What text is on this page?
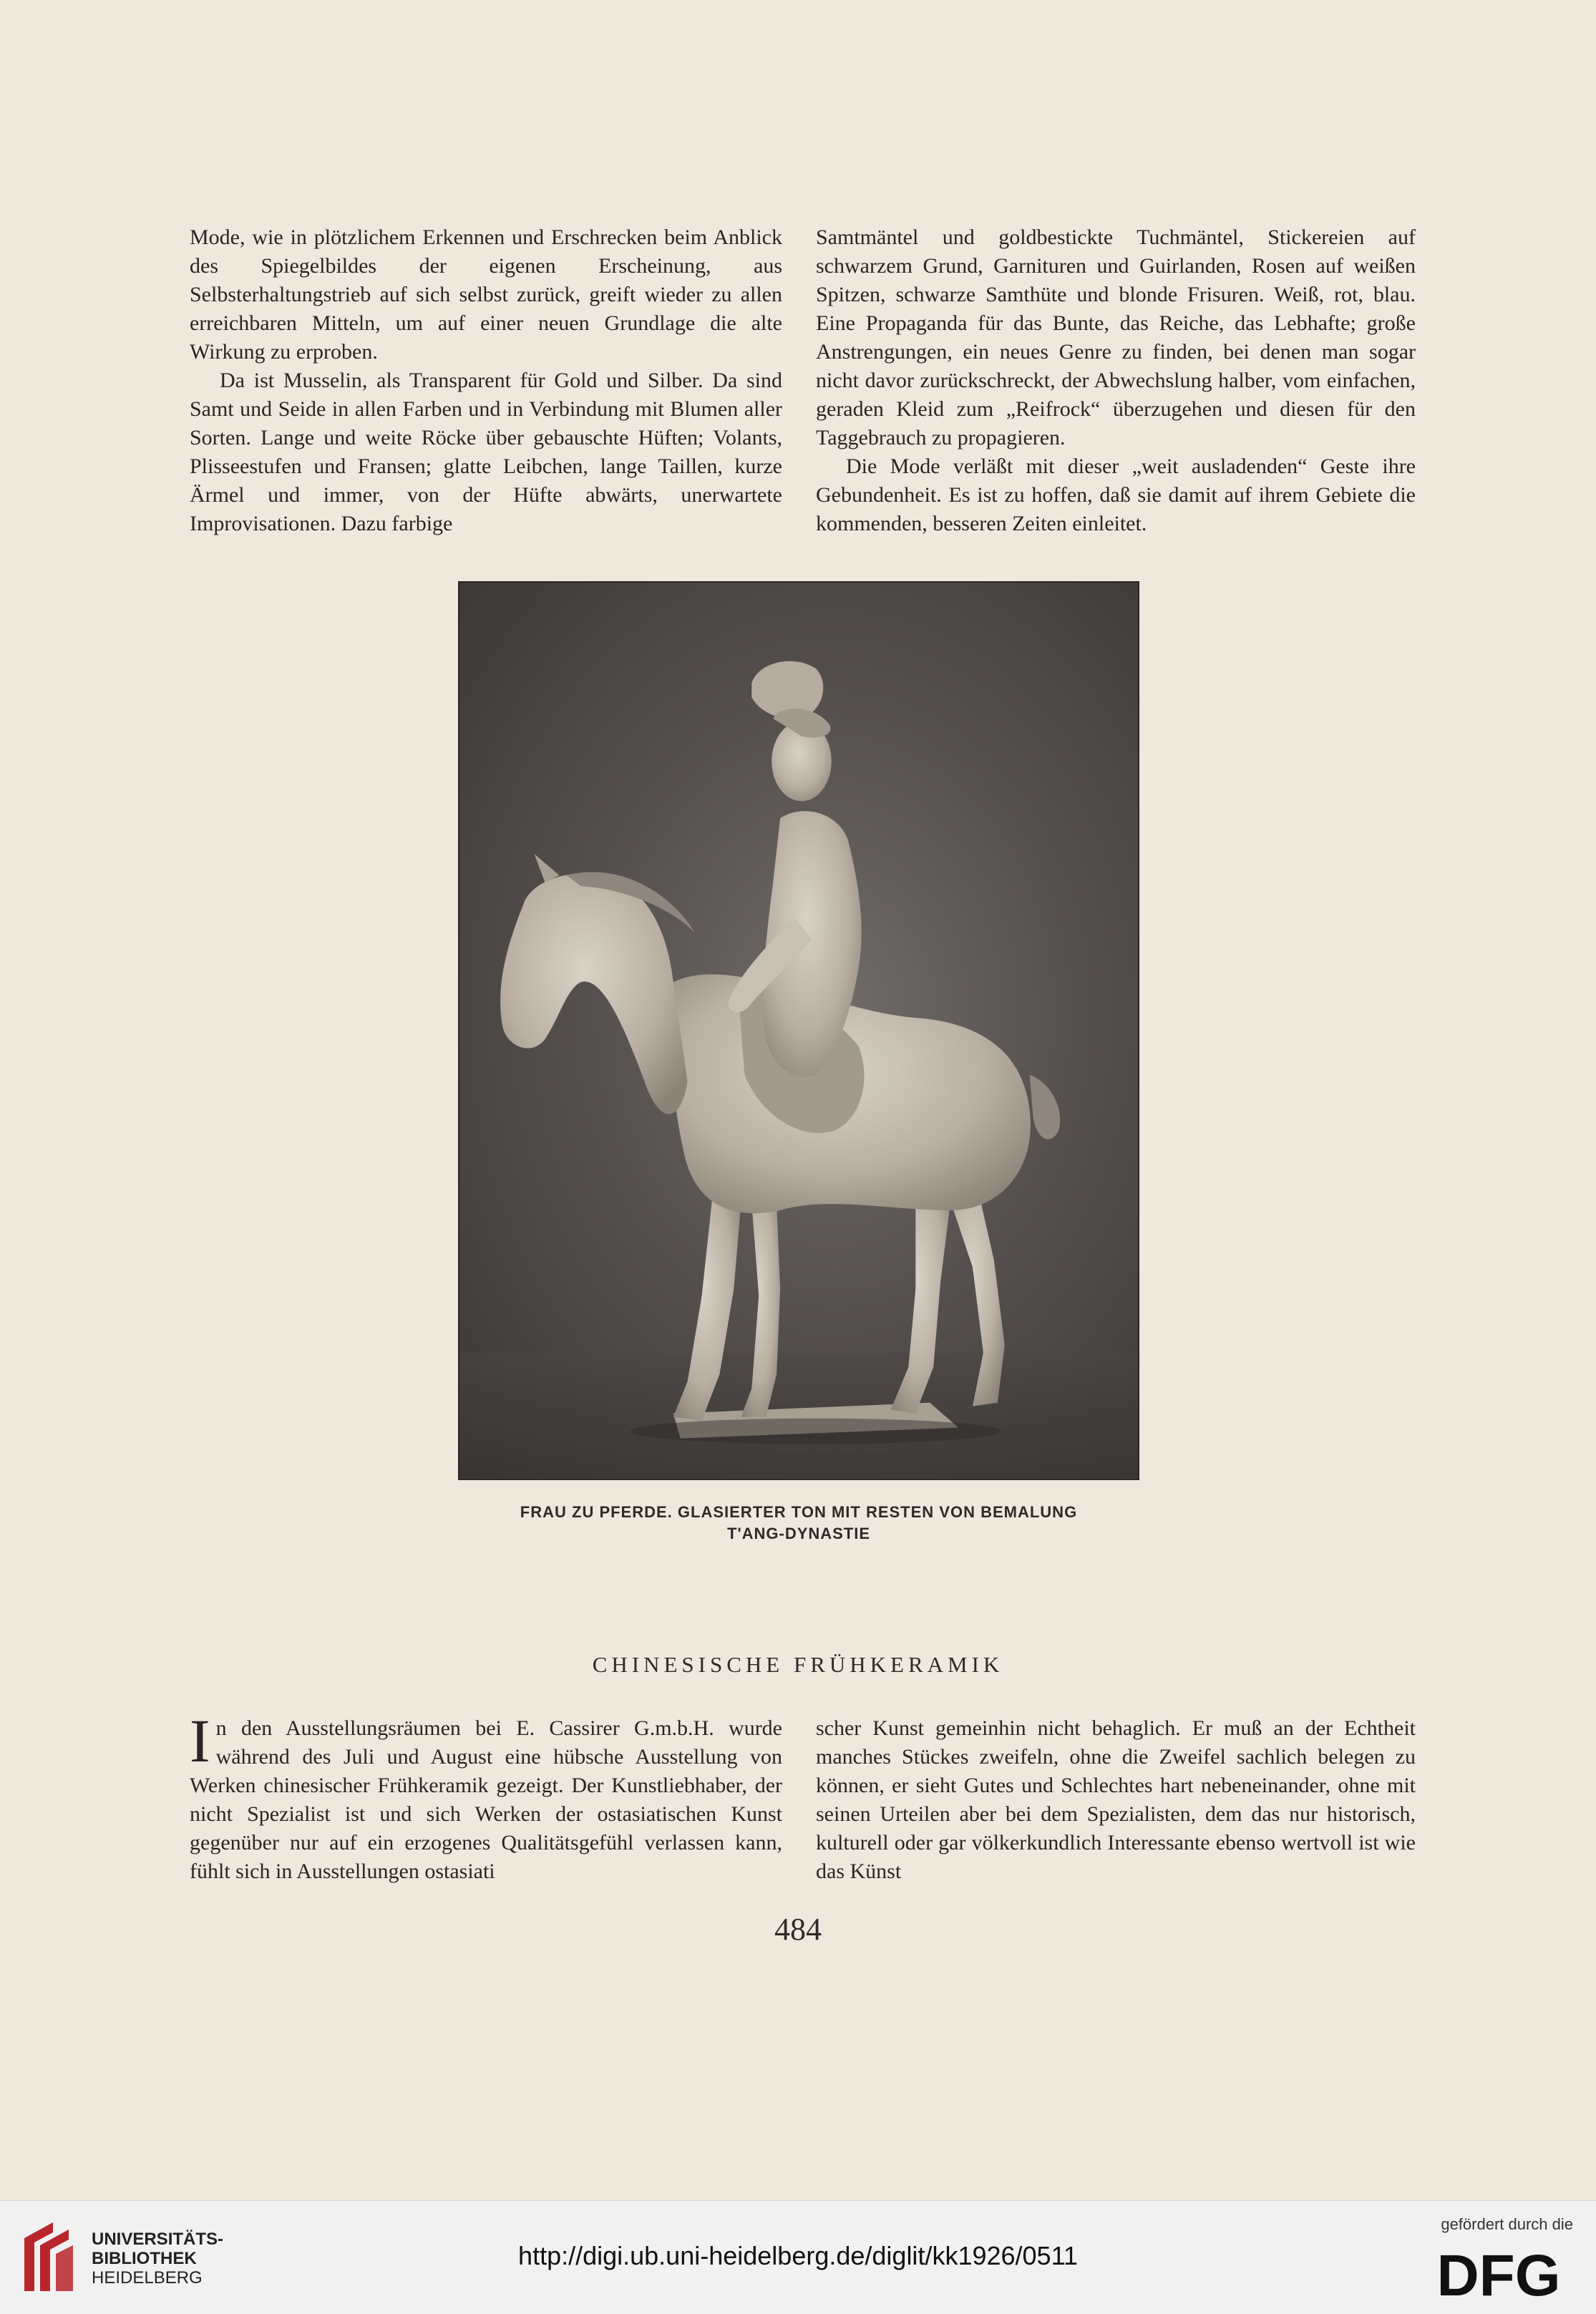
Mode, wie in plötzlichem Erkennen und Erschrecken beim Anblick des Spiegelbildes der eigenen Erscheinung, aus Selbsterhaltungstrieb auf sich selbst zurück, greift wieder zu allen erreichbaren Mitteln, um auf einer neuen Grundlage die alte Wirkung zu erproben.

Da ist Musselin, als Transparent für Gold und Silber. Da sind Samt und Seide in allen Farben und in Verbindung mit Blumen aller Sorten. Lange und weite Röcke über gebauschte Hüften; Volants, Plisseestufen und Fransen; glatte Leibchen, lange Taillen, kurze Ärmel und immer, von der Hüfte abwärts, unerwartete Improvisationen. Dazu farbige

Samtmäntel und goldbestickte Tuchmäntel, Stickereien auf schwarzem Grund, Garnituren und Guirlanden, Rosen auf weißen Spitzen, schwarze Samthüte und blonde Frisuren. Weiß, rot, blau. Eine Propaganda für das Bunte, das Reiche, das Lebhafte; große Anstrengungen, ein neues Genre zu finden, bei denen man sogar nicht davor zurückschreckt, der Abwechslung halber, vom einfachen, geraden Kleid zum „Reifrock“ überzugehen und diesen für den Taggebrauch zu propagieren.

Die Mode verläßt mit dieser „weit ausladenden“ Geste ihre Gebundenheit. Es ist zu hoffen, daß sie damit auf ihrem Gebiete die kommenden, besseren Zeiten einleitet.

FRAU ZU PFERDE. GLASIERTER TON MIT RESTEN VON BEMALUNG
T'ANG-DYNASTIE
CHINESISCHE FRÜHKERAMIK

In den Ausstellungsräumen bei E. Cassirer G.m.b.H. wurde während des Juli und August eine hübsche Ausstellung von Werken chinesischer Frühkeramik gezeigt. Der Kunstliebhaber, der nicht Spezialist ist und sich Werken der ostasiatischen Kunst gegenüber nur auf ein erzogenes Qualitätsgefühl verlassen kann, fühlt sich in Ausstellungen ostasiati

scher Kunst gemeinhin nicht behaglich. Er muß an der Echtheit manches Stückes zweifeln, ohne die Zweifel sachlich belegen zu können, er sieht Gutes und Schlechtes hart nebeneinander, ohne mit seinen Urteilen aber bei dem Spezialisten, dem das nur historisch, kulturell oder gar völkerkundlich Interessante ebenso wertvoll ist wie das Künst

484
UNIVERSITÄTS-
BIBLIOTHEK
HEIDELBERG
http://digi.ub.uni-heidelberg.de/diglit/kk1926/0511
gefördert durch die
DFG
